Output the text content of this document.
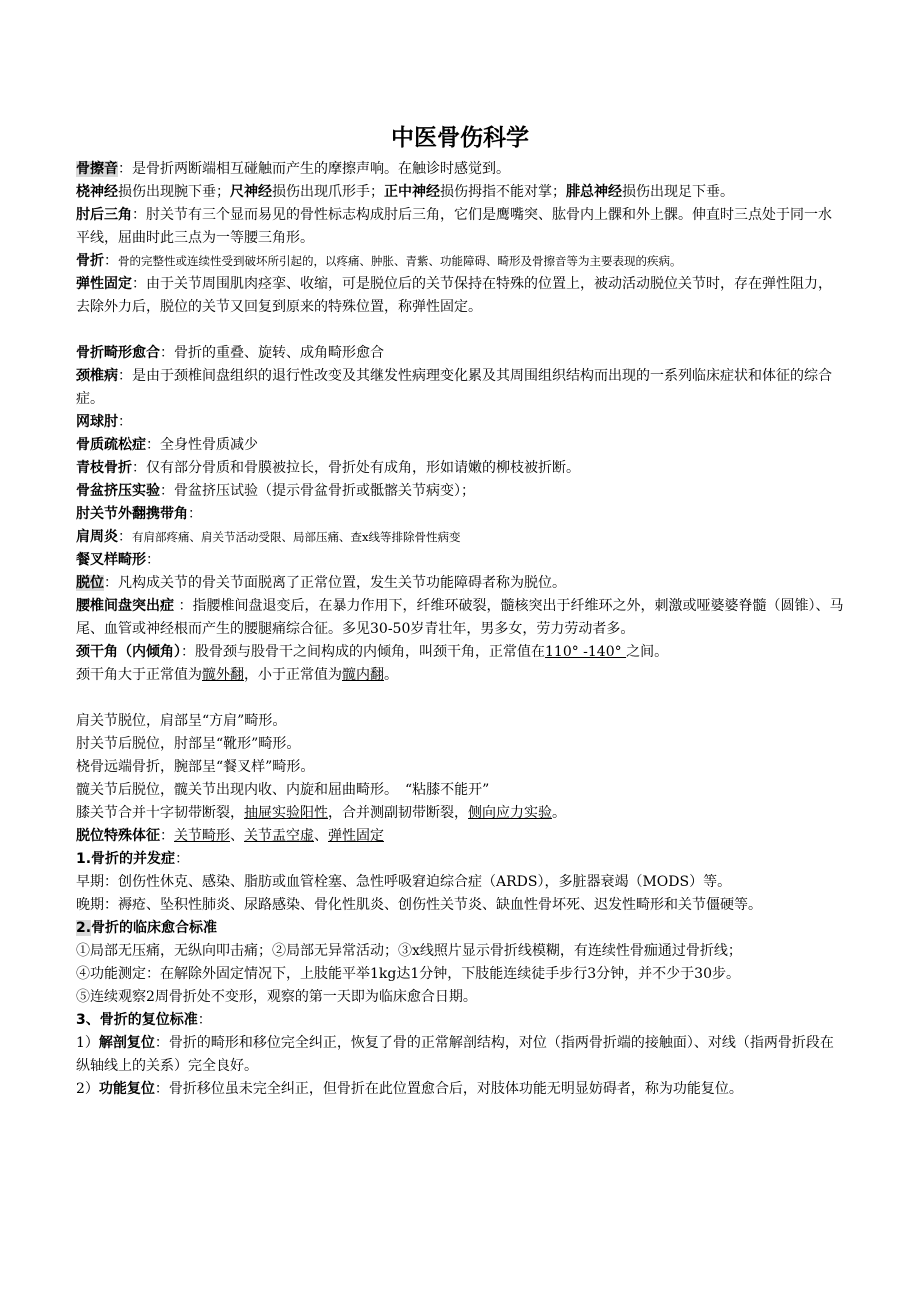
中医骨伤科学

骨擦音：是骨折两断端相互碰触而产生的摩擦声响。在触诊时感觉到。

桡神经损伤出现腕下垂；尺神经损伤出现爪形手；正中神经损伤拇指不能对掌；腓总神经损伤出现足下垂。

肘后三角：肘关节有三个显而易见的骨性标志构成肘后三角，它们是鹰嘴突、肱骨内上髁和外上髁。伸直时三点处于同一水平线，屈曲时此三点为一等腰三角形。

骨折：骨的完整性或连续性受到破坏所引起的，以疼痛、肿胀、青紫、功能障碍、畸形及骨擦音等为主要表现的疾病。

弹性固定：由于关节周围肌肉痉挛、收缩，可是脱位后的关节保持在特殊的位置上，被动活动脱位关节时，存在弹性阻力，去除外力后，脱位的关节又回复到原来的特殊位置，称弹性固定。

骨折畸形愈合：骨折的重叠、旋转、成角畸形愈合

颈椎病：是由于颈椎间盘组织的退行性改变及其继发性病理变化累及其周围组织结构而出现的一系列临床症状和体征的综合症。

网球肘：

骨质疏松症：全身性骨质减少

青枝骨折：仅有部分骨质和骨膜被拉长，骨折处有成角，形如请嫩的柳枝被折断。

骨盆挤压实验：骨盆挤压试验（提示骨盆骨折或骶髂关节病变）；

肘关节外翻携带角：

肩周炎：有肩部疼痛、肩关节活动受限、局部压痛、查x线等排除骨性病变

餐叉样畸形：

脱位：凡构成关节的骨关节面脱离了正常位置，发生关节功能障碍者称为脱位。

腰椎间盘突出症 ：指腰椎间盘退变后，在暴力作用下，纤维环破裂，髓核突出于纤维环之外，刺激或哑婆婆脊髓（圆锥）、马尾、血管或神经根而产生的腰腿痛综合征。多见30-50岁青壮年，男多女，劳力劳动者多。

颈干角（内倾角）：股骨颈与股骨干之间构成的内倾角，叫颈干角，正常值在110° -140° 之间。

颈干角大于正常值为髋外翻，小于正常值为髋内翻。

肩关节脱位，肩部呈“方肩”畸形。

肘关节后脱位，肘部呈“靴形”畸形。

桡骨远端骨折，腕部呈“餐叉样”畸形。

髋关节后脱位，髋关节出现内收、内旋和屈曲畸形。　“粘膝不能开”

膝关节合并十字韧带断裂，抽屉实验阳性，合并测副韧带断裂，侧向应力实验。

脱位特殊体征：关节畸形、关节盂空虚、弹性固定

1.骨折的并发症：

早期：创伤性休克、感染、脂肪或血管栓塞、急性呼吸窘迫综合症（ARDS），多脏器衰竭（MODS）等。

晚期：褥疮、坠积性肺炎、尿路感染、骨化性肌炎、创伤性关节炎、缺血性骨坏死、迟发性畸形和关节僵硬等。

2.骨折的临床愈合标准

①局部无压痛，无纵向叩击痛；②局部无异常活动；③x线照片显示骨折线模糊，有连续性骨痂通过骨折线；

④功能测定：在解除外固定情况下，上肢能平举1kg达1分钟，下肢能连续徒手步行3分钟，并不少于30步。

⑤连续观察2周骨折处不变形，观察的第一天即为临床愈合日期。

3、骨折的复位标准：

1）解剖复位：骨折的畸形和移位完全纠正，恢复了骨的正常解剖结构，对位（指两骨折端的接触面）、对线（指两骨折段在纵轴线上的关系）完全良好。

2）功能复位：骨折移位虽未完全纠正，但骨折在此位置愈合后，对肢体功能无明显妨碍者，称为功能复位。
